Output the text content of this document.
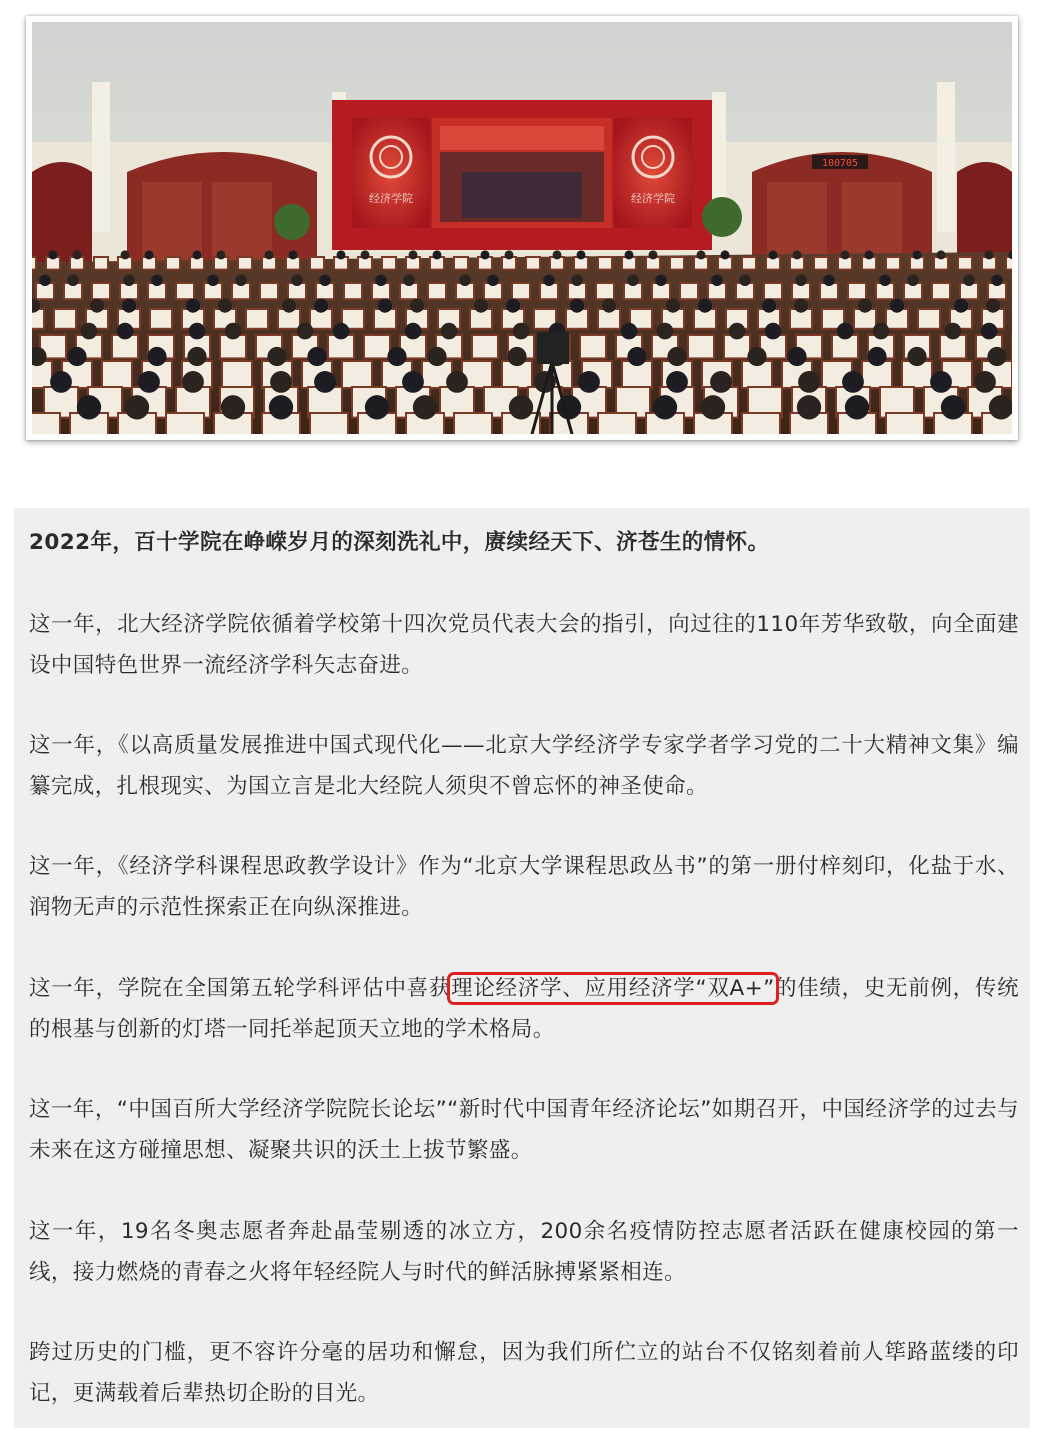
经济学院	经济学院
100705

2022年，百十学院在峥嵘岁月的深刻洗礼中，赓续经天下、济苍生的情怀。

这一年，北大经济学院依循着学校第十四次党员代表大会的指引，向过往的110年芳华致敬，向全面建设中国特色世界一流经济学科矢志奋进。

这一年，《以高质量发展推进中国式现代化——北京大学经济学专家学者学习党的二十大精神文集》编纂完成，扎根现实、为国立言是北大经院人须臾不曾忘怀的神圣使命。

这一年，《经济学科课程思政教学设计》作为“北京大学课程思政丛书”的第一册付梓刻印，化盐于水、润物无声的示范性探索正在向纵深推进。

这一年，学院在全国第五轮学科评估中喜获理论经济学、应用经济学“双A+”的佳绩，史无前例，传统的根基与创新的灯塔一同托举起顶天立地的学术格局。

这一年，“中国百所大学经济学院院长论坛”“新时代中国青年经济论坛”如期召开，中国经济学的过去与未来在这方碰撞思想、凝聚共识的沃土上拔节繁盛。

这一年，19名冬奥志愿者奔赴晶莹剔透的冰立方，200余名疫情防控志愿者活跃在健康校园的第一线，接力燃烧的青春之火将年轻经院人与时代的鲜活脉搏紧紧相连。

跨过历史的门槛，更不容许分毫的居功和懈怠，因为我们所伫立的站台不仅铭刻着前人筚路蓝缕的印记，更满载着后辈热切企盼的目光。
